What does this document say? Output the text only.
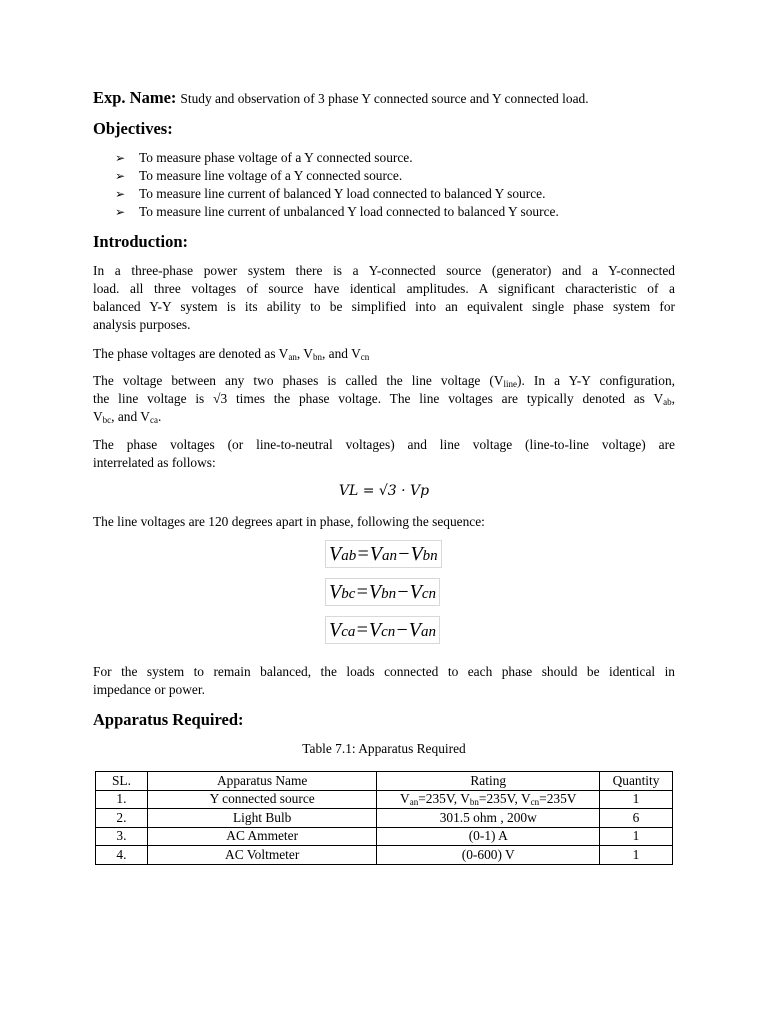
Exp. Name: Study and observation of 3 phase Y connected source and Y connected load.
Objectives:
➢ To measure phase voltage of a Y connected source.
➢ To measure line voltage of a Y connected source.
➢ To measure line current of balanced Y load connected to balanced Y source.
➢ To measure line current of unbalanced Y load connected to balanced Y source.
Introduction:
In a three-phase power system there is a Y-connected source (generator) and a Y-connected
load. all three voltages of source have identical amplitudes. A significant characteristic of a
balanced Y-Y system is its ability to be simplified into an equivalent single phase system for
analysis purposes.
The phase voltages are denoted as $V_{an}$, $V_{bn}$, and $V_{cn}$
The voltage between any two phases is called the line voltage $(V_{line})$. In a Y-Y configuration,
the line voltage is √3 times the phase voltage. The line voltages are typically denoted as $V_{ab}$,
$V_{bc}$, and $V_{ca}$.
The phase voltages (or line-to-neutral voltages) and line voltage (line-to-line voltage) are
interrelated as follows:
VL = √3 · Vp
The line voltages are 120 degrees apart in phase, following the sequence:
Vab=Van−Vbn
Vbc=Vbn−Vcn
Vca=Vcn−Van
For the system to remain balanced, the loads connected to each phase should be identical in
impedance or power.
Apparatus Required:
Table 7.1: Apparatus Required
SL.	Apparatus Name	Rating	Quantity
1.	Y connected source	$V_{an}=235V$, $V_{bn}=235V$, $V_{cn}=235V$	1
2.	Light Bulb	301.5 ohm , 200w	6
3.	AC Ammeter	(0-1) A	1
4.	AC Voltmeter	(0-600) V	1
